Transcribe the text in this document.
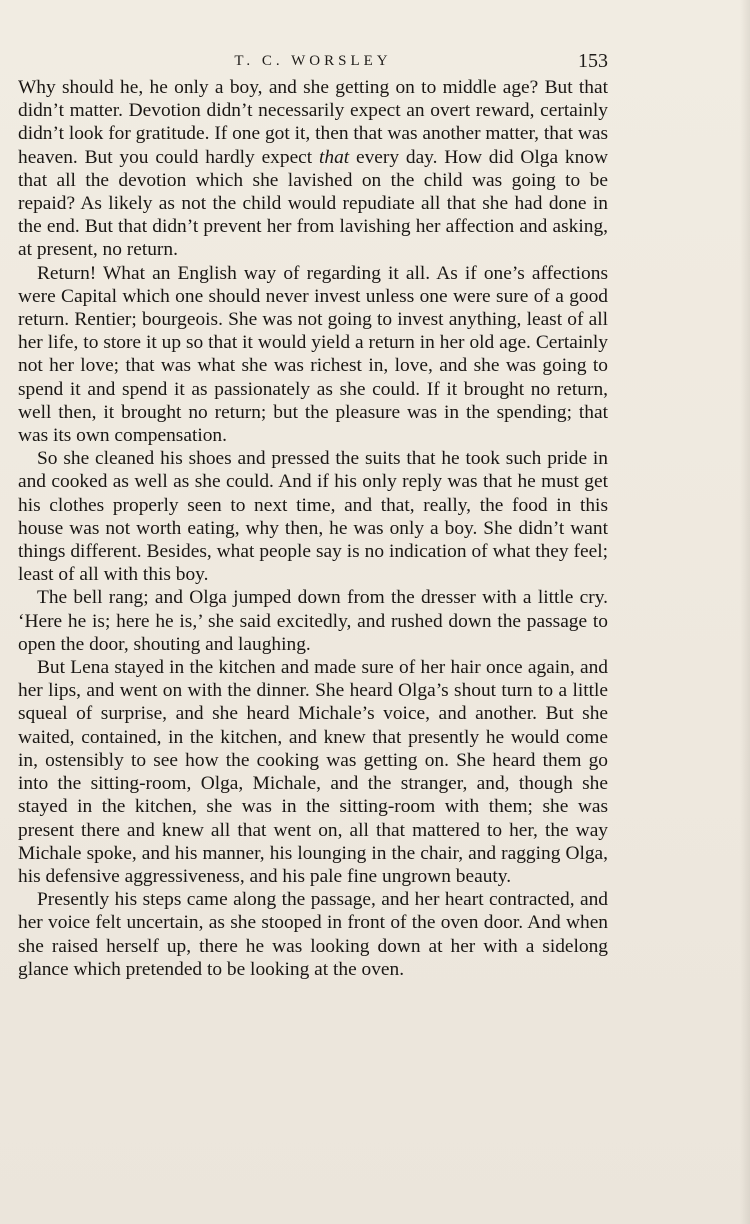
T. C. WORSLEY	153

Why should he, he only a boy, and she getting on to middle age? But that didn’t matter. Devotion didn’t necessarily expect an overt reward, certainly didn’t look for gratitude. If one got it, then that was another matter, that was heaven. But you could hardly expect that every day. How did Olga know that all the devotion which she lavished on the child was going to be repaid? As likely as not the child would repudiate all that she had done in the end. But that didn’t prevent her from lavishing her affection and asking, at present, no return.

Return! What an English way of regarding it all. As if one’s affections were Capital which one should never invest unless one were sure of a good return. Rentier; bourgeois. She was not going to invest anything, least of all her life, to store it up so that it would yield a return in her old age. Certainly not her love; that was what she was richest in, love, and she was going to spend it and spend it as passionately as she could. If it brought no return, well then, it brought no return; but the pleasure was in the spending; that was its own compensation.

So she cleaned his shoes and pressed the suits that he took such pride in and cooked as well as she could. And if his only reply was that he must get his clothes properly seen to next time, and that, really, the food in this house was not worth eating, why then, he was only a boy. She didn’t want things different. Besides, what people say is no indication of what they feel; least of all with this boy.

The bell rang; and Olga jumped down from the dresser with a little cry. ‘Here he is; here he is,’ she said excitedly, and rushed down the passage to open the door, shouting and laughing.

But Lena stayed in the kitchen and made sure of her hair once again, and her lips, and went on with the dinner. She heard Olga’s shout turn to a little squeal of surprise, and she heard Michale’s voice, and another. But she waited, contained, in the kitchen, and knew that presently he would come in, ostensibly to see how the cooking was getting on. She heard them go into the sitting-room, Olga, Michale, and the stranger, and, though she stayed in the kitchen, she was in the sitting-room with them; she was present there and knew all that went on, all that mattered to her, the way Michale spoke, and his manner, his lounging in the chair, and ragging Olga, his defensive aggressiveness, and his pale fine ungrown beauty.

Presently his steps came along the passage, and her heart contracted, and her voice felt uncertain, as she stooped in front of the oven door. And when she raised herself up, there he was looking down at her with a sidelong glance which pretended to be looking at the oven.
